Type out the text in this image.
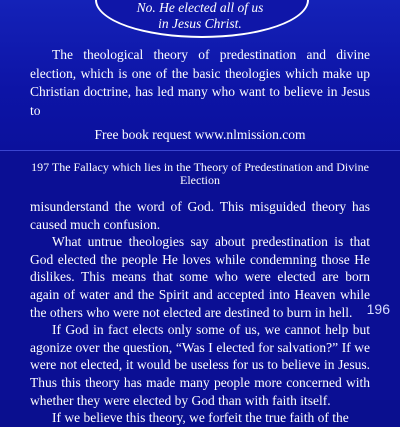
No. He elected all of us
in Jesus Christ.
The theological theory of predestination and divine election, which is one of the basic theologies which make up Christian doctrine, has led many who want to believe in Jesus to
Free book request www.nlmission.com
197 The Fallacy which lies in the Theory of Predestination and Divine Election

misunderstand the word of God. This misguided theory has caused much confusion.

What untrue theologies say about predestination is that God elected the people He loves while condemning those He dislikes. This means that some who were elected are born again of water and the Spirit and accepted into Heaven while the others who were not elected are destined to burn in hell.

If God in fact elects only some of us, we cannot help but agonize over the question, “Was I elected for salvation?” If we were not elected, it would be useless for us to believe in Jesus. Thus this theory has made many people more concerned with whether they were elected by God than with faith itself.

If we believe this theory, we forfeit the true faith of the

196
